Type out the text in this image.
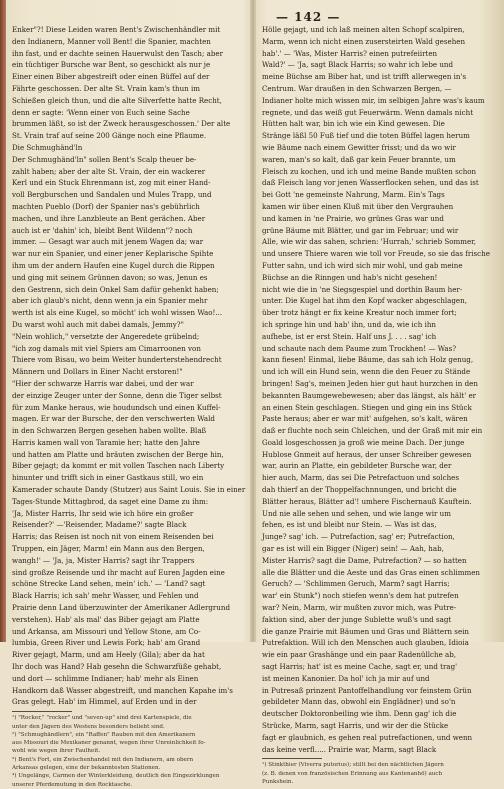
— 142 —
Enker"?! Diese Leiden waren Bent's Zwischenhändler mit
den Indianern, Manner voll Bent! die Spanier, machten
ihn fast, und er dachte seinen Hauerwulst den Tasch; aber
ein tüchtiger Bursche war Bent, so geschickt als nur je
Einer einen Biber abgestreift oder einen Büffel auf der
Fährte geschossen. Der alte St. Vrain kam's thun im
Schießen gleich thun, und die alte Silverfette hatte Recht,
denn er sagte: 'Wenn einer von Euch seine Sache
brummen läßt, so ist der Zweck herausgeschossen.' Der alte
St. Vrain traf auf seine 200 Gänge noch eine Pflaume.
Die Schmughänd'ln
Der Schmughänd'ln" sollen Bent's Scalp theuer be-
zahlt haben; aber der alte St. Vrain, der ein wackerer
Kerl und ein Stuck Ehrenmann ist, zog mit einer Hand-
voll Bergburschen und Sandalen und Mules Trapp, und
machten Pueblo (Dorf) der Spanier nas's gebührlich
machen, und ihre Lanzbleute an Bent gerächen. Aber
auch ist er 'dahin' ich, bleibt Bent Wildenn"? noch
immer. — Gesagt war auch mit jenem Wagen da; war
war nur ein Spanier, und einer jener Keplarische Spihte
ihm um der andern Haufen eine Kugel durch die Rippen
und ging mit seinem Grünnen davon; so was, Jenun es
den Gestrenn, sich dein Onkel Sam dafür gehenkt haben;
aber ich glaub's nicht, denn wenn ja ein Spanier mehr
werth ist als eine Kugel, so möcht' ich wohl wissen Wao!...
Du warst wohl auch mit dabei damals, Jemmy?"
"Nein wohlich," versetzte der Angeredete grübelnd;
"ich zog damals mit viel Spiers am Cimarroonen von
Thiere vom Bisau, wo beim Weiter hunderterstehendrecht
Männern und Dollars in Einer Nacht erstoren!"
"Hier der schwarze Harris war dabei, und der war
der einzige Zeuger unter der Sonne, denn die Tiger selbst
für zum Manke heraus, wie houdundsch und einen Kuffel-
magen. Er war der Bursche, der den verschwerten Wald
in den Schwarzen Bergen gesehen haben wollte. Blaß
Harris kamen wall von Taramie her; hatte den Jahre
und hatten am Platte und bräuten zwischen der Berge hin,
Biber gejagt; da kommt er mit vollen Taschen nach Liberty
hinunter und trifft sich in einer Gastkaus still, wo ein
Kamerader schaute Dandy (Stutzer) aus Saint Louis. Sie in einer
Tages-Stunde Mittagbrod, da saget eine Dame zu ihm:
'Ja, Mister Harris, Ihr seid wie ich höre ein großer
Reisender?' —'Reisender, Madame?' sagte Black
Harris; das Reisen ist noch nit von einem Reisenden bei
Truppen, ein Jäger, Marm! ein Mann aus den Bergen,
wangh!' — 'Ja, ja, Mister Harris? sagt ihr Trappers
sind großze Reisende und ihr macht auf Euren Jagden eine
schöne Strecke Land sehen, mein' ich.' — 'Land? sagt
Black Harris; ich sah' mehr Wasser, und Fehlen und
Prairie denn Land überzuwinter der Amerikaner Adlergrund
verstehen). Hab' als mal' das Biber gejagt am Platte
und Arkansa, am Missouri und Yellow Stone, am Co-
lumbia, Green River und Lewis Fork; hab' am Grand
River gejagt, Marm, und am Heely (Gila); aber da hat
Ihr doch was Hand? Hab gesehn die Schwarzfüße gehabt,
und dort — schlimme Indianer; hab' mehr als Einen
Handkorn daß Wasser abgestreift, und manchen Kapahe im's
Gras gelegt. Hab' im Himmel, auf Erden und in der
¹) "Rocker," "rocker" und "seven-up" sind drei Kartenspiele, die
unter den Jägern des Westens besonders beliebt sind.
²) "Schmughändlern", ein "Raffen" Rauben mit den Amerikanern
aus Missouri die Mexikaner genannt, wegen ihrer Unreinlichkeit fo-
wohl wie wegen ihrer Faulheit.
³) Bent's Fort, ein Zwischenhandel mit den Indianern, am obern
Arkansas gelegen, eine der bekanntesten Stationen.
⁴) Ungelänge, Carmen der Winterkleidung, deutlich den Eingezirklungen
unserer Pferdemutung in den Rocktasche.
Hölle gejagt, und ich laß meinen alten Schopf scalpiren,
Marm, wenn ich nicht einen zusersteirten Wald gesehen
hab'.' — 'Was, Mister Harris? einen putrefeiirten
Wald?' — 'Ja, sagt Black Harris; so wahr ich lebe und
meine Büchse am Biber hat, und ist trifft allerwegen in's
Centrum. War draußen in den Schwarzen Bergen, —
Indianer holte mich wissen mir, im selbigen Jahre was's kaum
regnete, und das weiß gut Feuerwärm. Wenn damals nicht
Hütten halt war, bin ich wie ein Kind gewesen. Die
Stränge läßl 50 Fuß tief und die toten Büffel lagen herum
wie Bäume nach einem Gewitter frisst; und da wo wir
waren, man's so kalt, daß gar kein Feuer brannte, um
Fleisch zu kochen, und ich und meine Bande mußten schon
daß Fleisch lang vor jenen Wasserflocken sehen, und das ist
bei Gott 'ne gemeinste Nahrung, Marm. Ein's Tags
kamen wir über einen Kluß mit über den Vergrauhen
und kamen in 'ne Prairie, wo grünes Gras war und
grüne Bäume mit Blätter, und gar im Februar; und wir
Alle, wie wir das sahen, schrien: 'Hurrah,' schrieb Sommer,
und unsere Thiere waren wie toll vor Freude, so sie das frische
Futter sahn, und ich wird sich mir wohl, und gab meine
Büchse an die Rinngen und hab's nicht gesehen!
nicht wie die in 'ne Siegsgespiel und dorthin Baum her-
unter. Die Kugel hat ihm den Kopf wacker abgeschlagen,
über trotz hängt er fix keine Kreatur noch immer fort;
ich springe hin und hab' ihn, und da, wie ich ihn
aufhebe, ist er erst Stein. Half uns J. . . . sag' ich
und schaute nach dem Paume zum Trockhen! — Was?
kann fiesen! Einmal, liebe Bäume, das sah ich Holz genug,
und ich will ein Hund sein, wenn die den Feuer zu Stände
bringen! Sag's, meinen Jeden hier gut haut hurzchen in den
bekannten Baumgewebewesen; aber das längst, als hält' er
an einen Stein geschlagen. Stiegen und ging ein ins Stück
Paste heraus; aber er war mit' aufgehen, so's kalt, wären
daß er fluchte noch sein Chleichen, und der Graß mit mir ein
Goald losgeschossen ja groß wie meine Dach. Der junge
Hublose Gnmeit auf heraus, der unser Schreiber gewesen
war, aurin an Platte, ein gebildeter Bursche war, der
hier auch, Marm, das sei Die Petrefactuon und solches
dah thierf an der Thoppelfachnnungen, und bricht die
Blätter heraus, Blätter ad'! umhere Fischernauß Kauftein.
Und nie alle sehen und sehen, und wie lange wir um
fehen, es ist und bleibt nur Stein. — Was ist das,
Junge? sag' ich. — Putrefaction, sag' er; Putrefaction,
gar es ist will ein Bigger (Niger) sein! — Aah, hab,
Mister Harris? sagt die Dame, Putrefaction? — so hatten
alle die Blätter und die Aeste und das Gras einen schlimmen
Geruch? — 'Schlimmen Geruch, Marm? sagt Harris;
war' ein Stunk") noch stiefen wenn's dem hat putrefen
war? Nein, Marm, wir mußten zuvor mich, was Putre-
faktion sind, aber der junge Sublette wuß's und sagt
die ganze Prairie mit Bäumen und Gras und Blättern sein
Putrefaktion. Will ich den Menschen auch glauben, Idioia
wie ein paar Grashänge und ein paar Radenüllche ab,
sagt Harris; hat' ist es meine Cache, sagt er, und trag'
ist meinen Kanonier. Da hol' ich ja mir auf und
in Putresaß prinzent Pantoffelhandlung vor feinstem Grün
gebildeter Mann das, obwohl ein Englädner) und so'n
deutscher Doktoronbeiling wie ihm. Denn gag' ich die
Strücke, Marm, sagt Harris, und wir der die Stücke
fagt er glaubnich, es gehen real putrefactionen, und wenn
das keine verfl..... Prairie war, Marm, sagt Black
¹) Stinkthier (Viverra putorius); stillt bei den nächtlichen Jägern
(z. B. denen von französischen Erinnung aus Kantenanhö) auch
Punkshein.
